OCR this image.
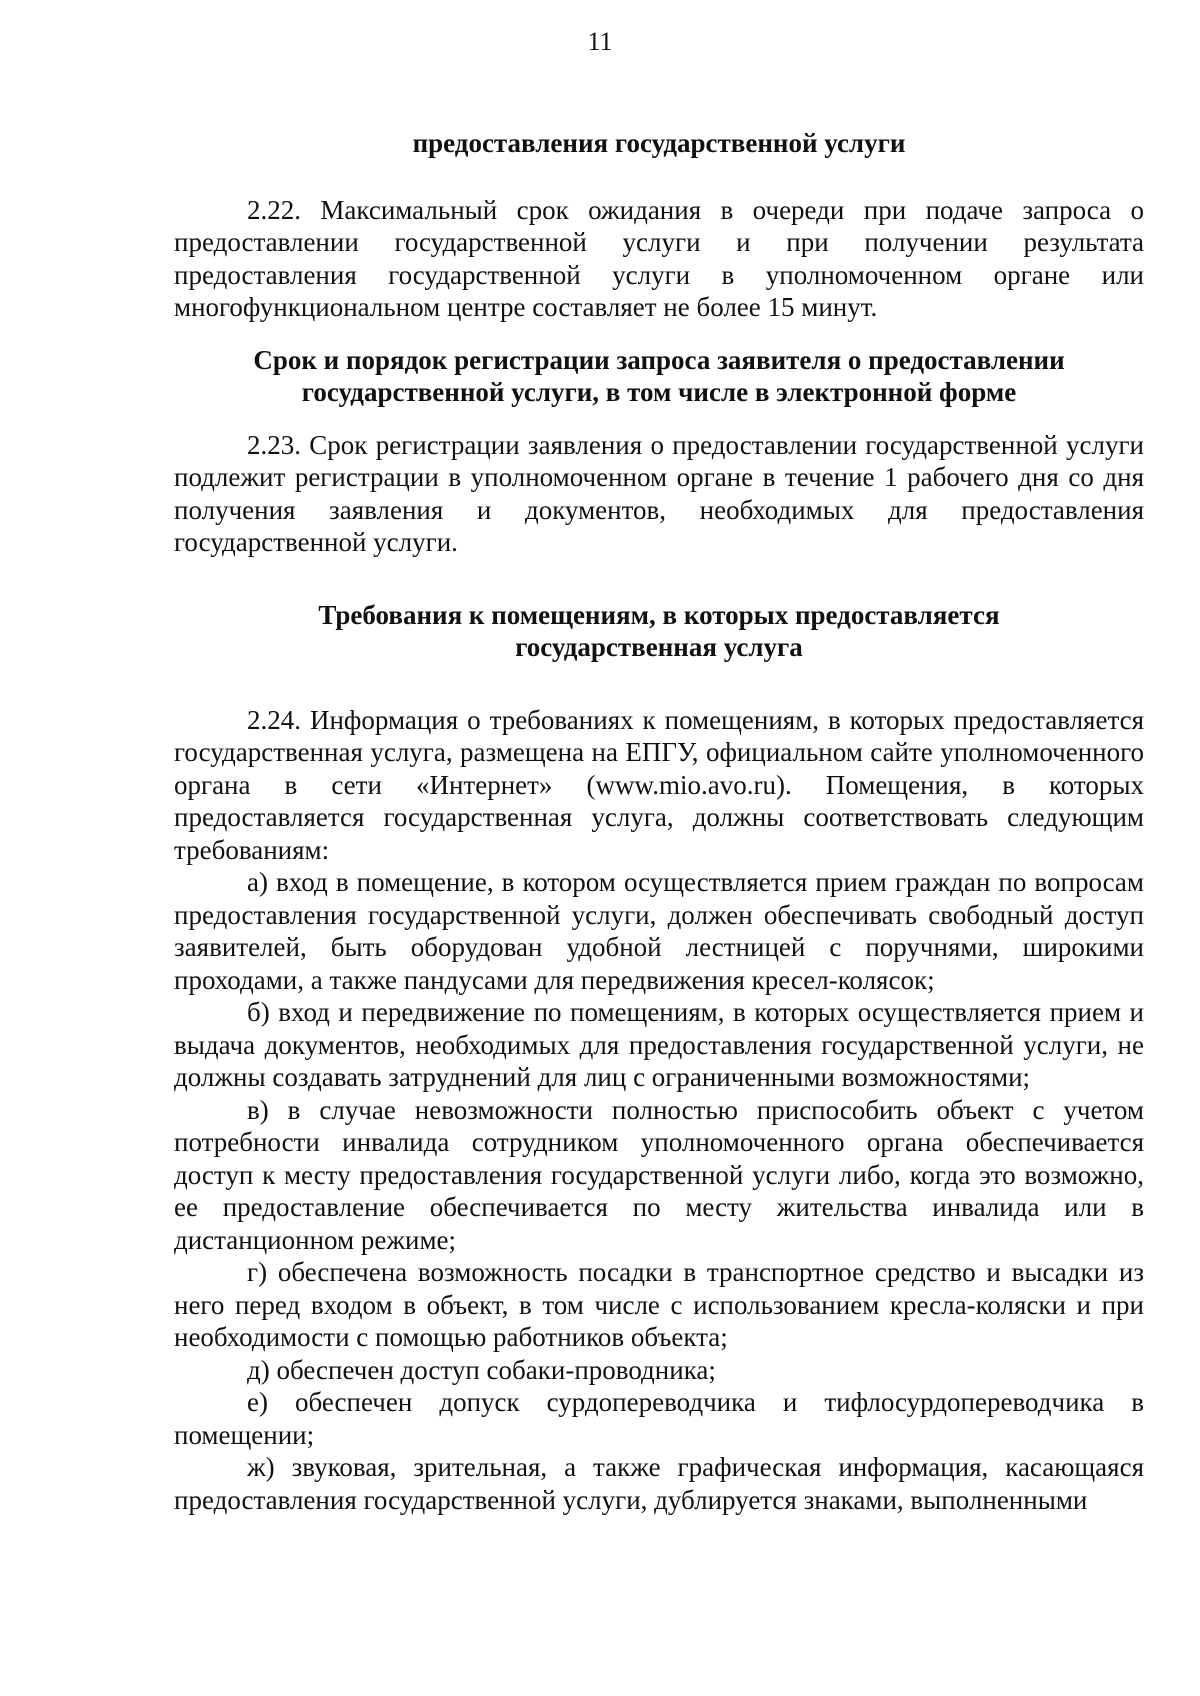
11
предоставления государственной услуги

2.22. Максимальный срок ожидания в очереди при подаче запроса о предоставлении государственной услуги и при получении результата предоставления государственной услуги в уполномоченном органе или многофункциональном центре составляет не более 15 минут.

Срок и порядок регистрации запроса заявителя о предоставлении
государственной услуги, в том числе в электронной форме

2.23. Срок регистрации заявления о предоставлении государственной услуги подлежит регистрации в уполномоченном органе в течение 1 рабочего дня со дня получения заявления и документов, необходимых для предоставления государственной услуги.

Требования к помещениям, в которых предоставляется
государственная услуга

2.24. Информация о требованиях к помещениям, в которых предоставляется государственная услуга, размещена на ЕПГУ, официальном сайте уполномоченного органа в сети «Интернет» (www.mio.avo.ru). Помещения, в которых предоставляется государственная услуга, должны соответствовать следующим требованиям:

а) вход в помещение, в котором осуществляется прием граждан по вопросам предоставления государственной услуги, должен обеспечивать свободный доступ заявителей, быть оборудован удобной лестницей с поручнями, широкими проходами, а также пандусами для передвижения кресел-колясок;

б) вход и передвижение по помещениям, в которых осуществляется прием и выдача документов, необходимых для предоставления государственной услуги, не должны создавать затруднений для лиц с ограниченными возможностями;

в) в случае невозможности полностью приспособить объект с учетом потребности инвалида сотрудником уполномоченного органа обеспечивается доступ к месту предоставления государственной услуги либо, когда это возможно, ее предоставление обеспечивается по месту жительства инвалида или в дистанционном режиме;

г) обеспечена возможность посадки в транспортное средство и высадки из него перед входом в объект, в том числе с использованием кресла-коляски и при необходимости с помощью работников объекта;

д) обеспечен доступ собаки-проводника;

е) обеспечен допуск сурдопереводчика и тифлосурдопереводчика в помещении;

ж) звуковая, зрительная, а также графическая информация, касающаяся предоставления государственной услуги, дублируется знаками, выполненными
